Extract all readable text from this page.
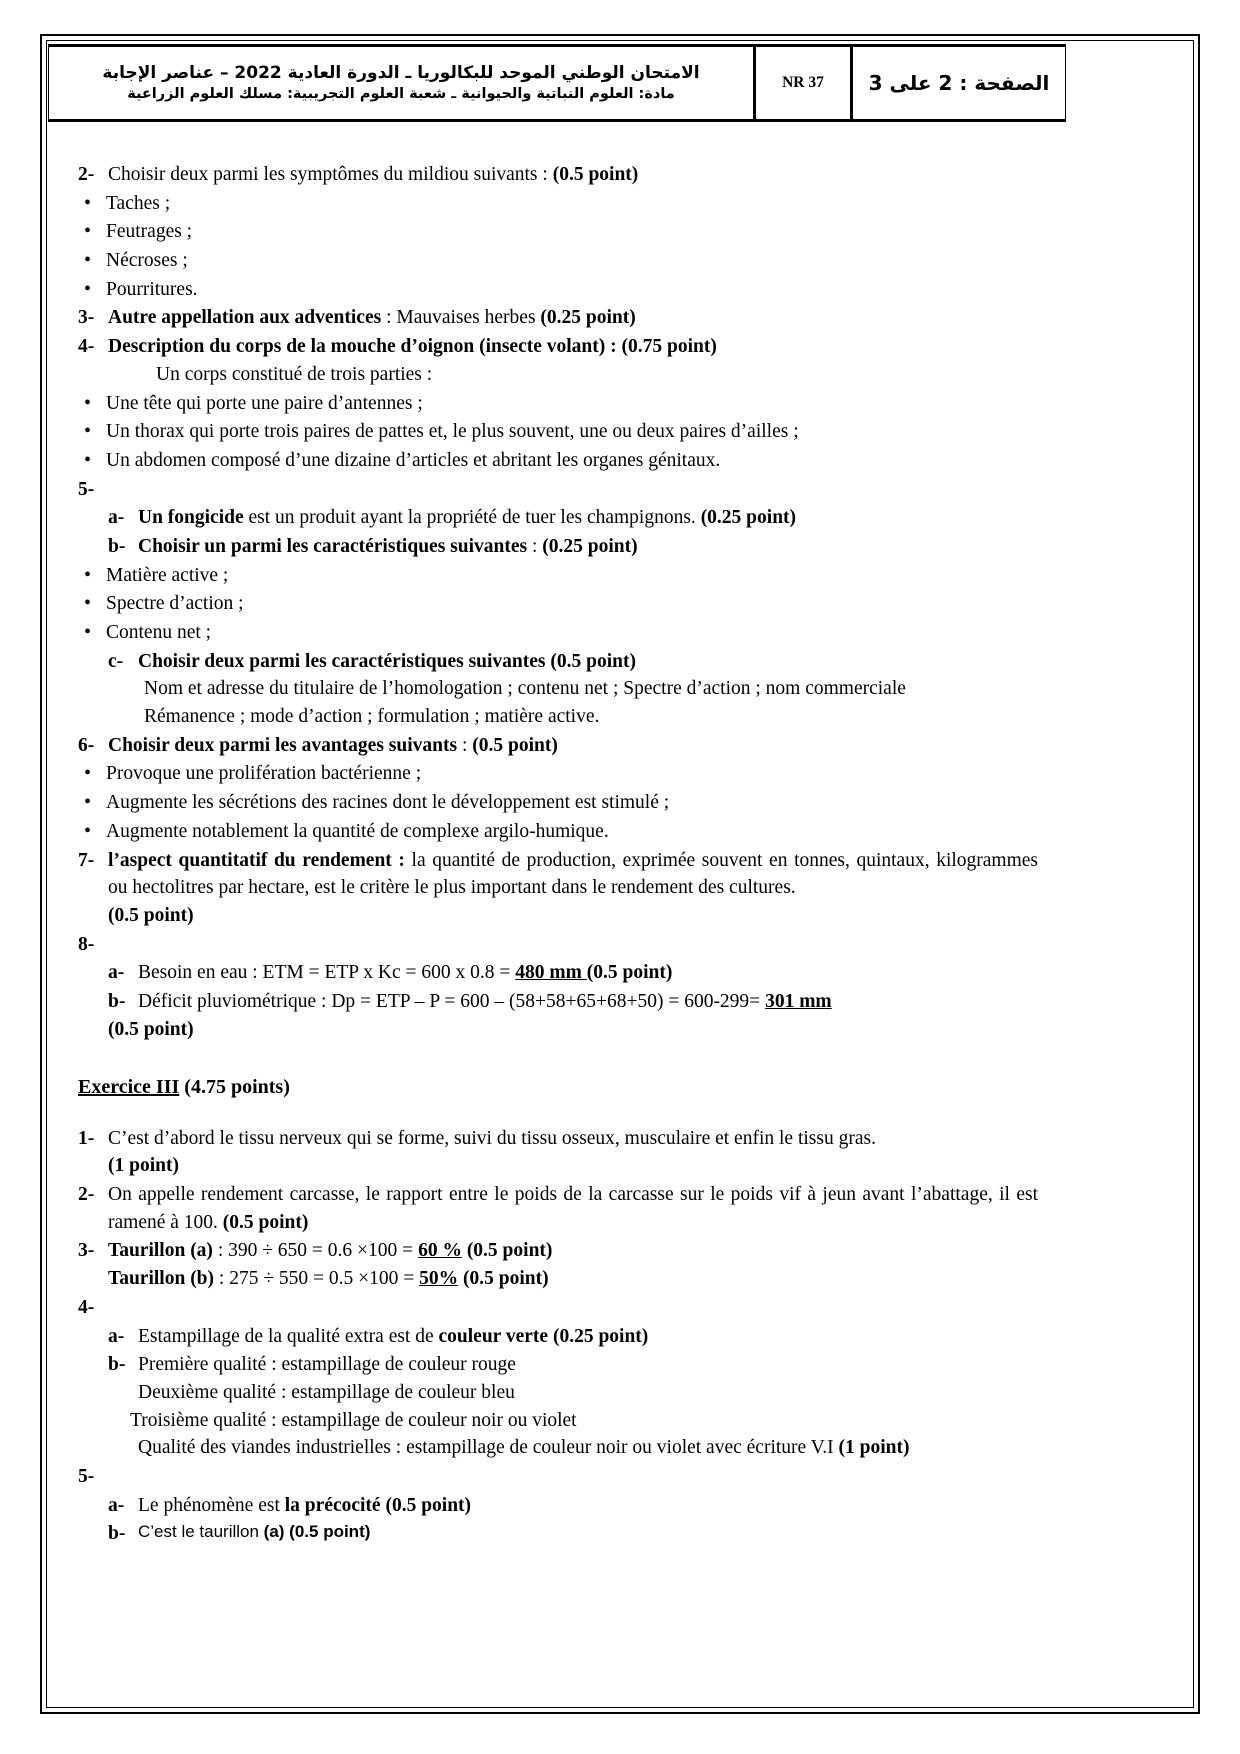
الامتحان الوطني الموحد للبكالوريا ـ الدورة العادية 2022 – عناصر الإجابة
مادة: العلوم النباتية والحيوانية ـ شعبة العلوم التجريبية: مسلك العلوم الزراعية
	NR 37	الصفحة : 2 على 3
2- Choisir deux parmi les symptômes du mildiou suivants : (0.5 point)
• Taches ;
• Feutrages ;
• Nécroses ;
• Pourritures.
3- Autre appellation aux adventices : Mauvaises herbes (0.25 point)
4- Description du corps de la mouche d’oignon (insecte volant) : (0.75 point)
Un corps constitué de trois parties :
• Une tête qui porte une paire d’antennes ;
• Un thorax qui porte trois paires de pattes et, le plus souvent, une ou deux paires d’ailles ;
• Un abdomen composé d’une dizaine d’articles et abritant les organes génitaux.
5-
a- Un fongicide est un produit ayant la propriété de tuer les champignons. (0.25 point)
b- Choisir un parmi les caractéristiques suivantes : (0.25 point)
• Matière active ;
• Spectre d’action ;
• Contenu net ;
c- Choisir deux parmi les caractéristiques suivantes (0.5 point)
Nom et adresse du titulaire de l’homologation ; contenu net ; Spectre d’action ; nom commerciale
Rémanence ; mode d’action ; formulation ; matière active.
6- Choisir deux parmi les avantages suivants : (0.5 point)
• Provoque une prolifération bactérienne ;
• Augmente les sécrétions des racines dont le développement est stimulé ;
• Augmente notablement la quantité de complexe argilo-humique.
7- l’aspect quantitatif du rendement : la quantité de production, exprimée souvent en tonnes, quintaux, kilogrammes ou hectolitres par hectare, est le critère le plus important dans le rendement des cultures.
(0.5 point)
8-
a- Besoin en eau : ETM = ETP x Kc = 600 x 0.8 = 480 mm (0.5 point)
b- Déficit pluviométrique : Dp = ETP – P = 600 – (58+58+65+68+50) = 600-299= 301 mm
(0.5 point)
Exercice III (4.75 points)
1- C’est d’abord le tissu nerveux qui se forme, suivi du tissu osseux, musculaire et enfin le tissu gras.
(1 point)
2- On appelle rendement carcasse, le rapport entre le poids de la carcasse sur le poids vif à jeun avant l’abattage, il est ramené à 100. (0.5 point)
3- Taurillon (a) : 390 ÷ 650 = 0.6 ×100 = 60 % (0.5 point)
Taurillon (b) : 275 ÷ 550 = 0.5 ×100 = 50% (0.5 point)
4-
a- Estampillage de la qualité extra est de couleur verte (0.25 point)
b- Première qualité : estampillage de couleur rouge
Deuxième qualité : estampillage de couleur bleu
Troisième qualité : estampillage de couleur noir ou violet
Qualité des viandes industrielles : estampillage de couleur noir ou violet avec écriture V.I (1 point)
5-
a- Le phénomène est la précocité (0.5 point)
b- C’est le taurillon (a) (0.5 point)
